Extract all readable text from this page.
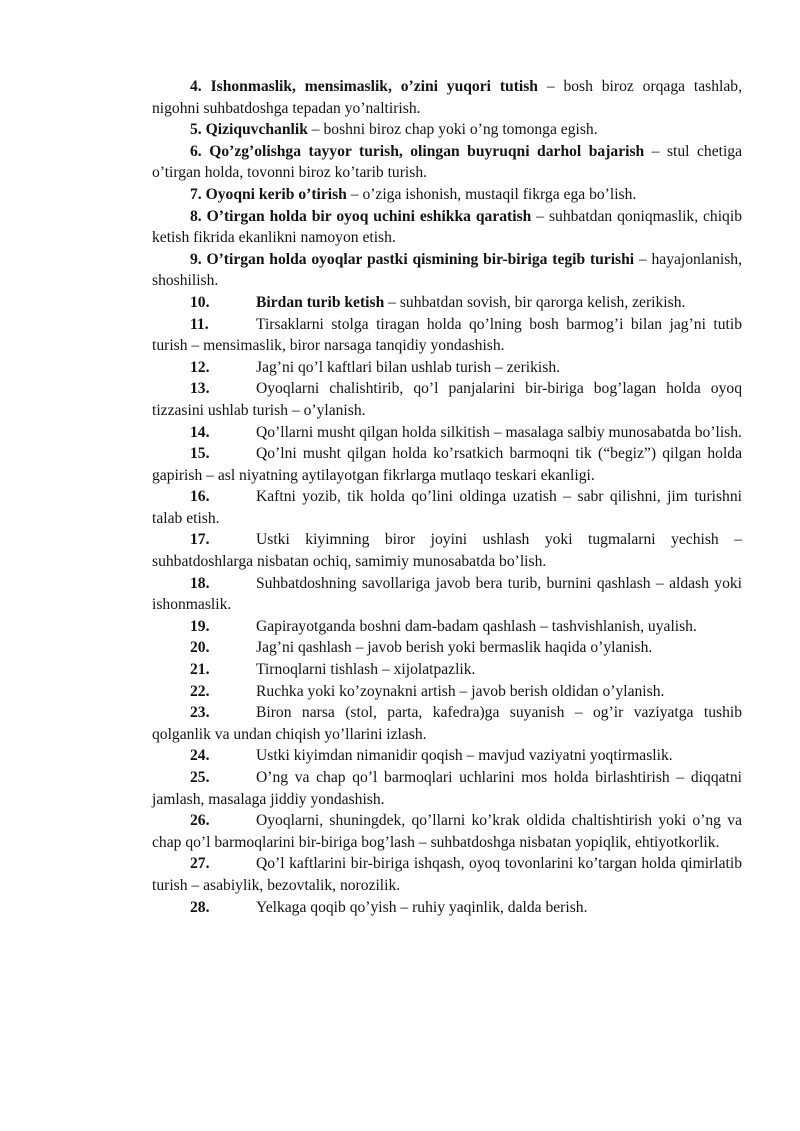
4. Ishonmaslik, mensimaslik, o’zini yuqori tutish – bosh biroz orqaga tashlab, nigohni suhbatdoshga tepadan yo’naltirish.

5. Qiziquvchanlik – boshni biroz chap yoki o’ng tomonga egish.

6. Qo’zg’olishga tayyor turish, olingan buyruqni darhol bajarish – stul chetiga o’tirgan holda, tovonni biroz ko’tarib turish.

7. Oyoqni kerib o’tirish – o’ziga ishonish, mustaqil fikrga ega bo’lish.

8. O’tirgan holda bir oyoq uchini eshikka qaratish – suhbatdan qoniqmaslik, chiqib ketish fikrida ekanlikni namoyon etish.

9. O’tirgan holda oyoqlar pastki qismining bir-biriga tegib turishi – hayajonlanish, shoshilish.

10.	Birdan turib ketish – suhbatdan sovish, bir qarorga kelish, zerikish.

11.	Tirsaklarni stolga tiragan holda qo’lning bosh barmog’i bilan jag’ni tutib turish – mensimaslik, biror narsaga tanqidiy yondashish.

12.	Jag’ni qo’l kaftlari bilan ushlab turish – zerikish.

13.	Oyoqlarni chalishtirib, qo’l panjalarini bir-biriga bog’lagan holda oyoq tizzasini ushlab turish – o’ylanish.

14.	Qo’llarni musht qilgan holda silkitish – masalaga salbiy munosabatda bo’lish.

15.	Qo’lni musht qilgan holda ko’rsatkich barmoqni tik (“begiz”) qilgan holda gapirish – asl niyatning aytilayotgan fikrlarga mutlaqo teskari ekanligi.

16.	Kaftni yozib, tik holda qo’lini oldinga uzatish – sabr qilishni, jim turishni talab etish.

17.	Ustki kiyimning biror joyini ushlash yoki tugmalarni yechish – suhbatdoshlarga nisbatan ochiq, samimiy munosabatda bo’lish.

18.	Suhbatdoshning savollariga javob bera turib, burnini qashlash – aldash yoki ishonmaslik.

19.	Gapirayotganda boshni dam-badam qashlash – tashvishlanish, uyalish.

20.	Jag’ni qashlash – javob berish yoki bermaslik haqida o’ylanish.

21.	Tirnoqlarni tishlash – xijolatpazlik.

22.	Ruchka yoki ko’zoynakni artish – javob berish oldidan o’ylanish.

23.	Biron narsa (stol, parta, kafedra)ga suyanish – og’ir vaziyatga tushib qolganlik va undan chiqish yo’llarini izlash.

24.	Ustki kiyimdan nimanidir qoqish – mavjud vaziyatni yoqtirmaslik.

25.	O’ng va chap qo’l barmoqlari uchlarini mos holda birlashtirish – diqqatni jamlash, masalaga jiddiy yondashish.

26.	Oyoqlarni, shuningdek, qo’llarni ko’krak oldida chaltishtirish yoki o’ng va chap qo’l barmoqlarini bir-biriga bog’lash – suhbatdoshga nisbatan yopiqlik, ehtiyotkorlik.

27.	Qo’l kaftlarini bir-biriga ishqash, oyoq tovonlarini ko’targan holda qimirlatib turish – asabiylik, bezovtalik, norozilik.

28.	Yelkaga qoqib qo’yish – ruhiy yaqinlik, dalda berish.
